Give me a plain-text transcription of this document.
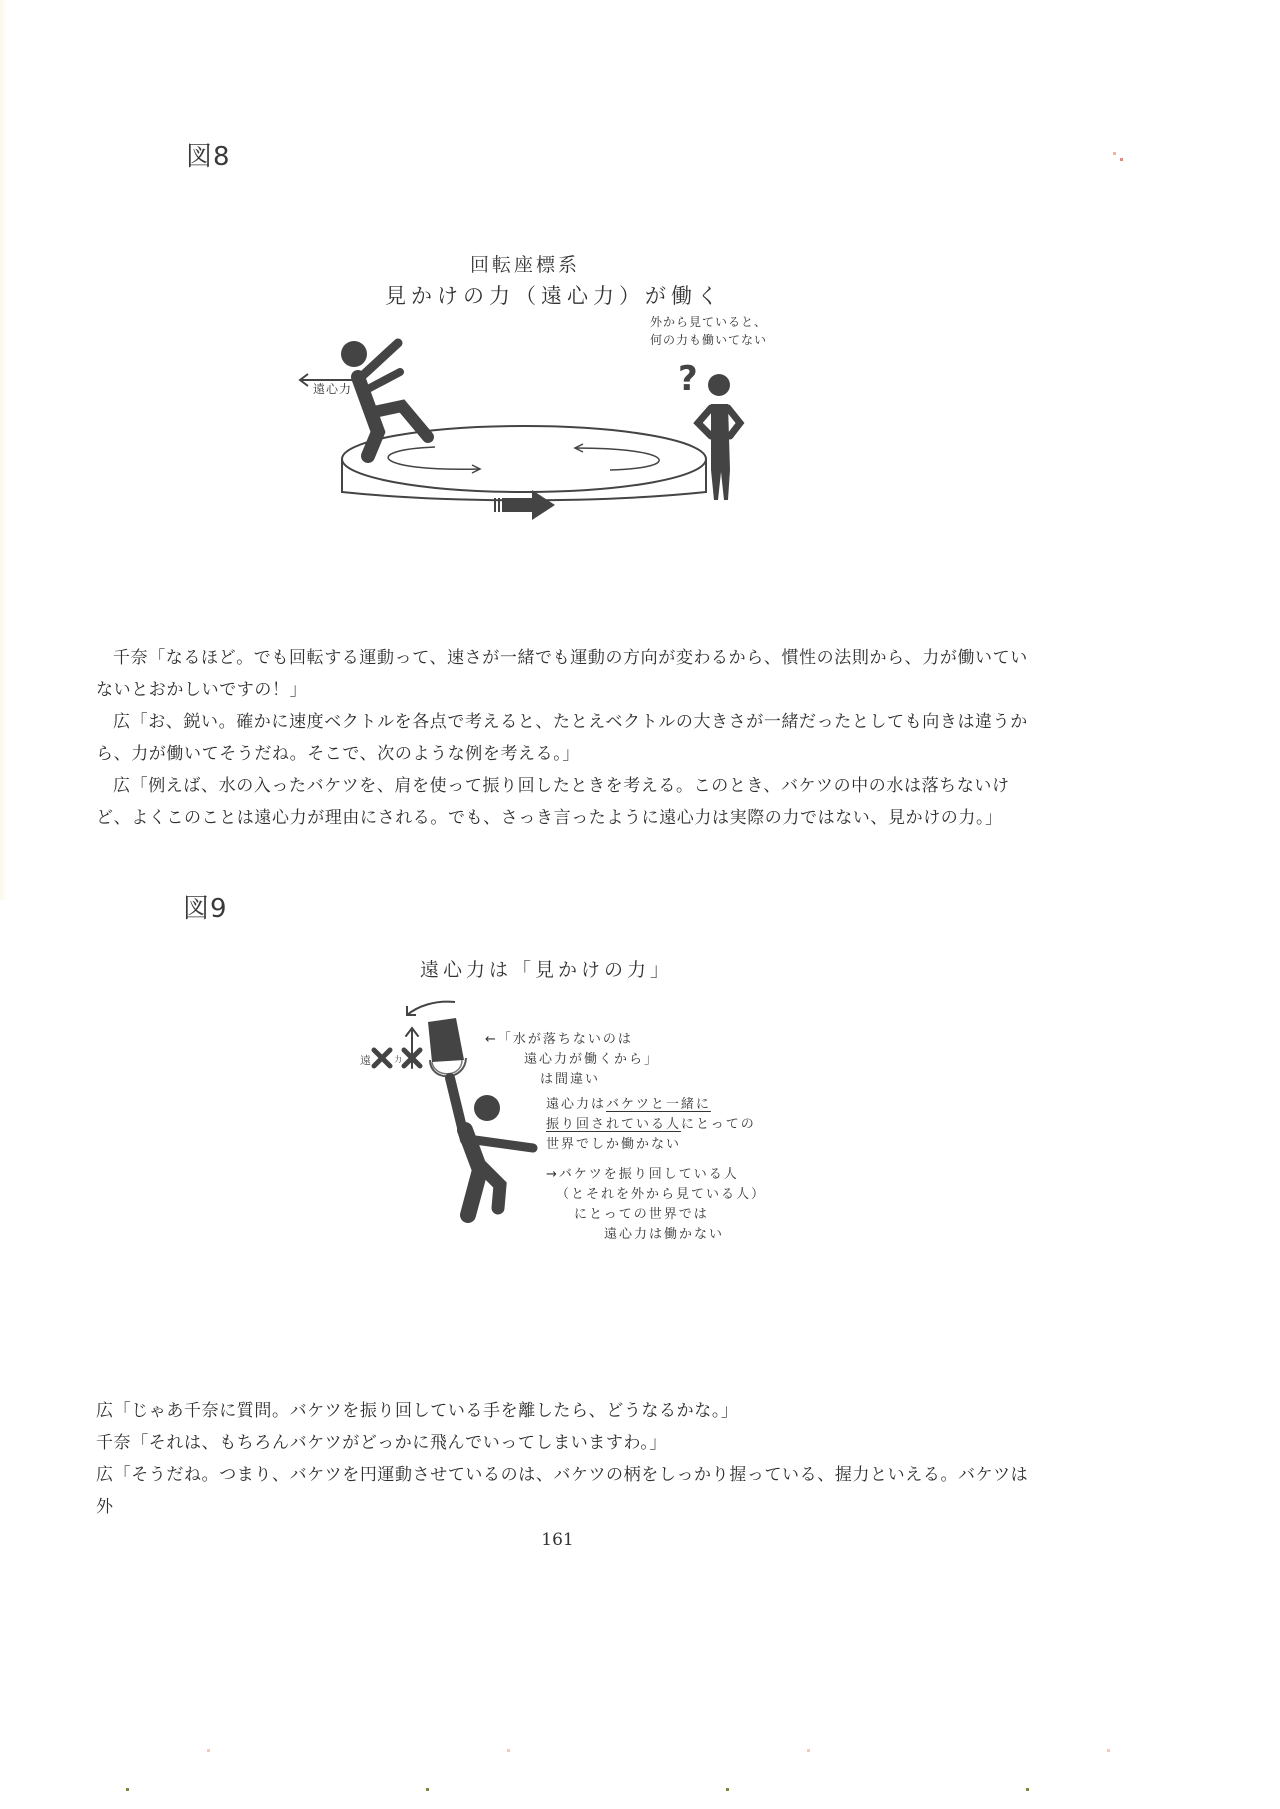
図8
回転座標系
見かけの力（遠心力）が働く
外から見ていると、
何の力も働いてない
遠心力	?

千奈「なるほど。でも回転する運動って、速さが一緒でも運動の方向が変わるから、慣性の法則から、力が働いていないとおかしいですの！」

広「お、鋭い。確かに速度ベクトルを各点で考えると、たとえベクトルの大きさが一緒だったとしても向きは違うから、力が働いてそうだね。そこで、次のような例を考える。」

広「例えば、水の入ったバケツを、肩を使って振り回したときを考える。このとき、バケツの中の水は落ちないけど、よくこのことは遠心力が理由にされる。でも、さっき言ったように遠心力は実際の力ではない、見かけの力。」

図9
遠心力は「見かけの力」
遠	力
←「水が落ちないのは
遠心力が働くから」
は間違い
遠心力はバケツと一緒に
振り回されている人にとっての
世界でしか働かない
→バケツを振り回している人
（とそれを外から見ている人）
にとっての世界では
遠心力は働かない

広「じゃあ千奈に質問。バケツを振り回している手を離したら、どうなるかな。」

千奈「それは、もちろんバケツがどっかに飛んでいってしまいますわ。」

広「そうだね。つまり、バケツを円運動させているのは、バケツの柄をしっかり握っている、握力といえる。バケツは外

161
